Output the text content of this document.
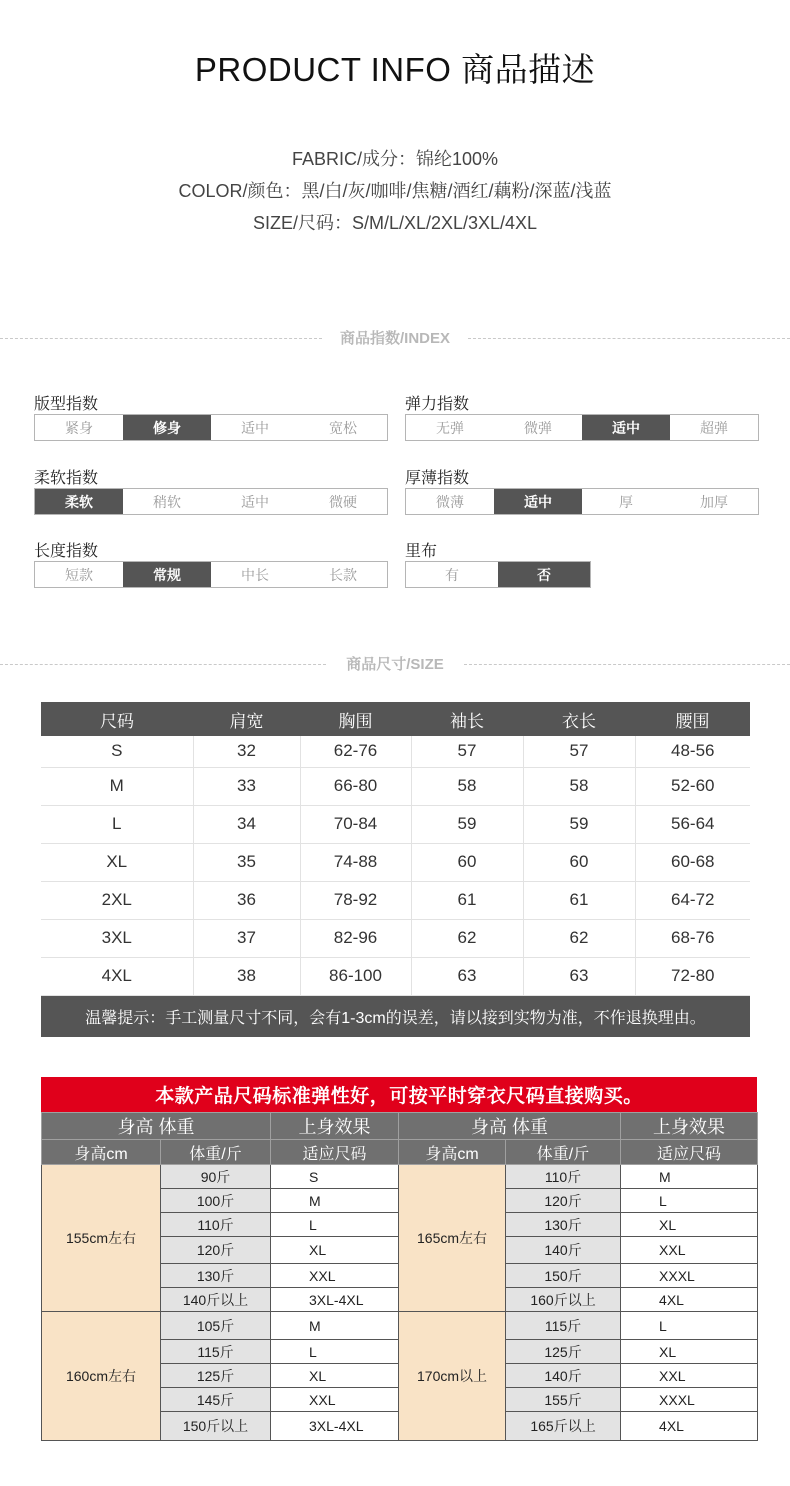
PRODUCT INFO 商品描述
FABRIC/成分：锦纶100%
COLOR/颜色：黑/白/灰/咖啡/焦糖/酒红/藕粉/深蓝/浅蓝
SIZE/尺码：S/M/L/XL/2XL/3XL/4XL
商品指数/INDEX
版型指数
紧身	修身	适中	宽松
弹力指数
无弹	微弹	适中	超弹
柔软指数
柔软	稍软	适中	微硬
厚薄指数
微薄	适中	厚	加厚
长度指数
短款	常规	中长	长款
里布
有	否
商品尺寸/SIZE
尺码	肩宽	胸围	袖长	衣长	腰围
S	32	62-76	57	57	48-56
M	33	66-80	58	58	52-60
L	34	70-84	59	59	56-64
XL	35	74-88	60	60	60-68
2XL	36	78-92	61	61	64-72
3XL	37	82-96	62	62	68-76
4XL	38	86-100	63	63	72-80
温馨提示：手工测量尺寸不同，会有1-3cm的误差，请以接到实物为准，不作退换理由。
本款产品尺码标准弹性好，可按平时穿衣尺码直接购买。
身高 体重		上身效果	身高 体重		上身效果
身高cm	体重/斤	适应尺码	身高cm	体重/斤	适应尺码
155cm左右	90斤	S	165cm左右	110斤	M
	100斤	M		120斤	L
	110斤	L		130斤	XL
	120斤	XL		140斤	XXL
	130斤	XXL		150斤	XXXL
	140斤以上	3XL-4XL		160斤以上	4XL
160cm左右	105斤	M	170cm以上	115斤	L
	115斤	L		125斤	XL
	125斤	XL		140斤	XXL
	145斤	XXL		155斤	XXXL
	150斤以上	3XL-4XL		165斤以上	4XL
